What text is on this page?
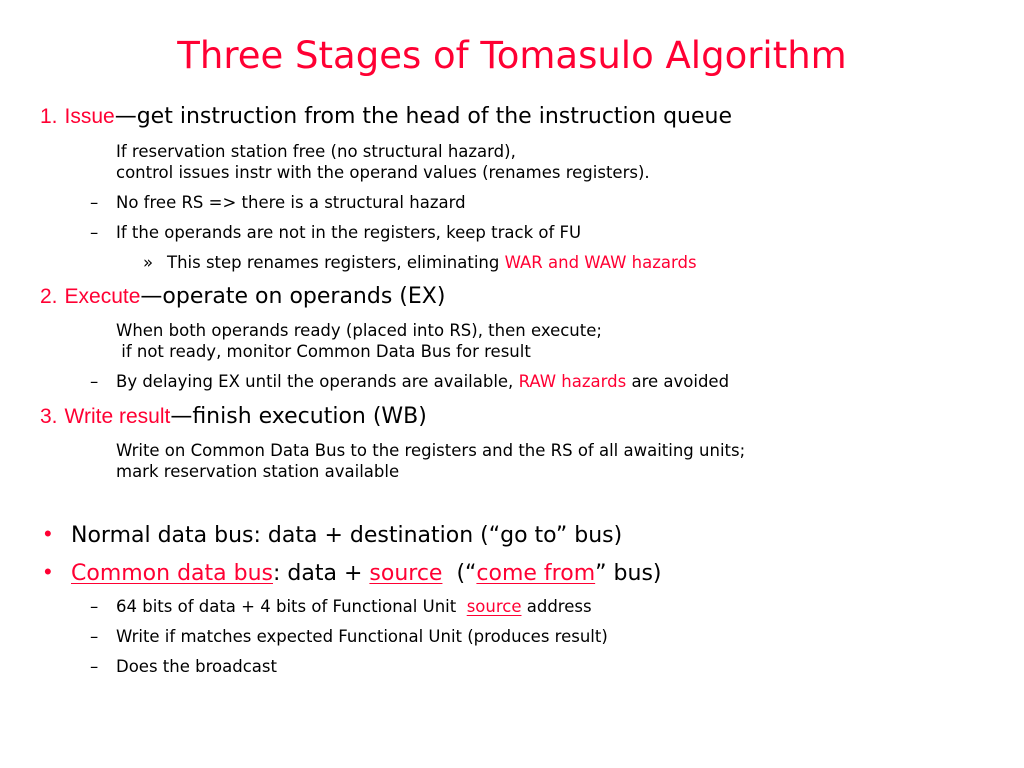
Three Stages of Tomasulo Algorithm
1. Issue—get instruction from the head of the instruction queue
If reservation station free (no structural hazard),
control issues instr with the operand values (renames registers).
– No free RS => there is a structural hazard
– If the operands are not in the registers, keep track of FU
» This step renames registers, eliminating WAR and WAW hazards
2. Execute—operate on operands (EX)
When both operands ready (placed into RS), then execute;
if not ready, monitor Common Data Bus for result
– By delaying EX until the operands are available, RAW hazards are avoided
3. Write result—finish execution (WB)
Write on Common Data Bus to the registers and the RS of all awaiting units;
mark reservation station available
• Normal data bus: data + destination (“go to” bus)
• Common data bus: data + source  (“come from” bus)
– 64 bits of data + 4 bits of Functional Unit  source address
– Write if matches expected Functional Unit (produces result)
– Does the broadcast
